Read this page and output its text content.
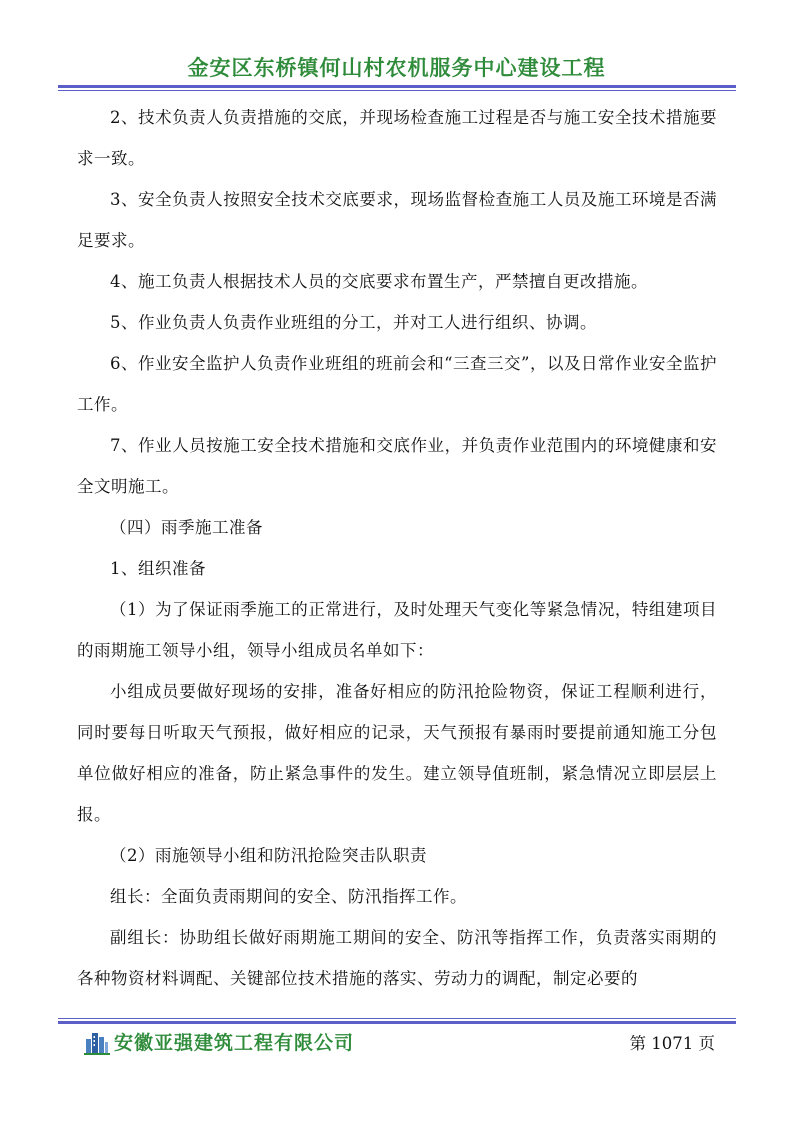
金安区东桥镇何山村农机服务中心建设工程

2、技术负责人负责措施的交底，并现场检查施工过程是否与施工安全技术措施要求一致。

3、安全负责人按照安全技术交底要求，现场监督检查施工人员及施工环境是否满足要求。

4、施工负责人根据技术人员的交底要求布置生产，严禁擅自更改措施。

5、作业负责人负责作业班组的分工，并对工人进行组织、协调。

6、作业安全监护人负责作业班组的班前会和“三查三交”，以及日常作业安全监护工作。

7、作业人员按施工安全技术措施和交底作业，并负责作业范围内的环境健康和安全文明施工。

（四）雨季施工准备

1、组织准备

（1）为了保证雨季施工的正常进行，及时处理天气变化等紧急情况，特组建项目的雨期施工领导小组，领导小组成员名单如下：

小组成员要做好现场的安排，准备好相应的防汛抢险物资，保证工程顺利进行，同时要每日听取天气预报，做好相应的记录，天气预报有暴雨时要提前通知施工分包单位做好相应的准备，防止紧急事件的发生。建立领导值班制，紧急情况立即层层上报。

（2）雨施领导小组和防汛抢险突击队职责

组长：全面负责雨期间的安全、防汛指挥工作。

副组长：协助组长做好雨期施工期间的安全、防汛等指挥工作，负责落实雨期的各种物资材料调配、关键部位技术措施的落实、劳动力的调配，制定必要的

安徽亚强建筑工程有限公司	第 1071 页
